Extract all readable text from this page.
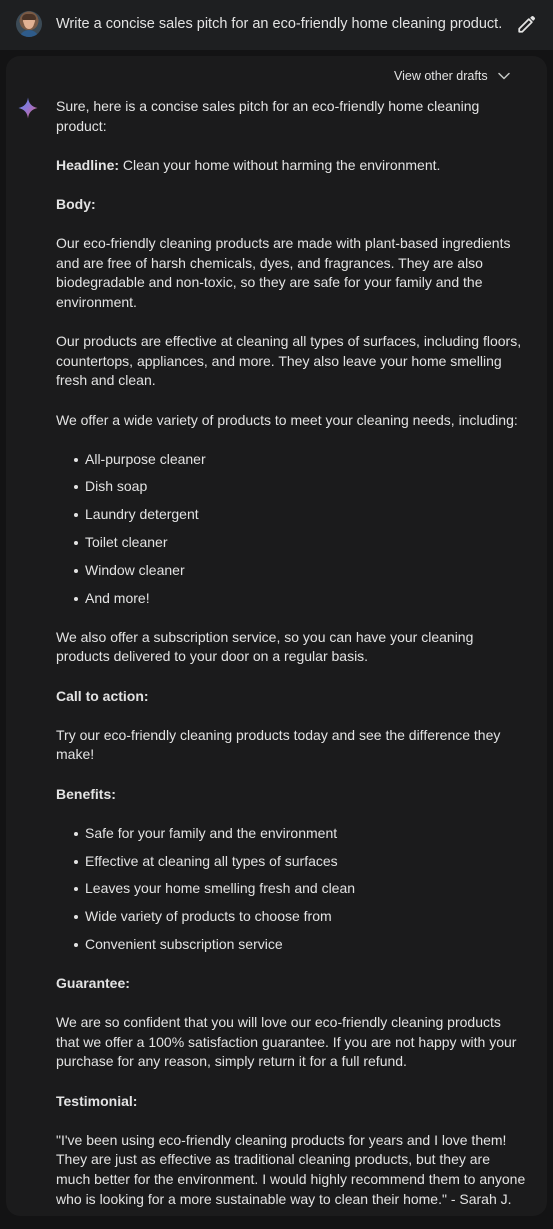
Write a concise sales pitch for an eco-friendly home cleaning product.
View other drafts

Sure, here is a concise sales pitch for an eco-friendly home cleaning product:

Headline: Clean your home without harming the environment.

Body:

Our eco-friendly cleaning products are made with plant-based ingredients and are free of harsh chemicals, dyes, and fragrances. They are also biodegradable and non-toxic, so they are safe for your family and the environment.

Our products are effective at cleaning all types of surfaces, including floors, countertops, appliances, and more. They also leave your home smelling fresh and clean.

We offer a wide variety of products to meet your cleaning needs, including:

All-purpose cleaner
Dish soap
Laundry detergent
Toilet cleaner
Window cleaner
And more!

We also offer a subscription service, so you can have your cleaning products delivered to your door on a regular basis.

Call to action:

Try our eco-friendly cleaning products today and see the difference they make!

Benefits:

Safe for your family and the environment
Effective at cleaning all types of surfaces
Leaves your home smelling fresh and clean
Wide variety of products to choose from
Convenient subscription service

Guarantee:

We are so confident that you will love our eco-friendly cleaning products that we offer a 100% satisfaction guarantee. If you are not happy with your purchase for any reason, simply return it for a full refund.

Testimonial:

"I've been using eco-friendly cleaning products for years and I love them! They are just as effective as traditional cleaning products, but they are much better for the environment. I would highly recommend them to anyone who is looking for a more sustainable way to clean their home." - Sarah J.
